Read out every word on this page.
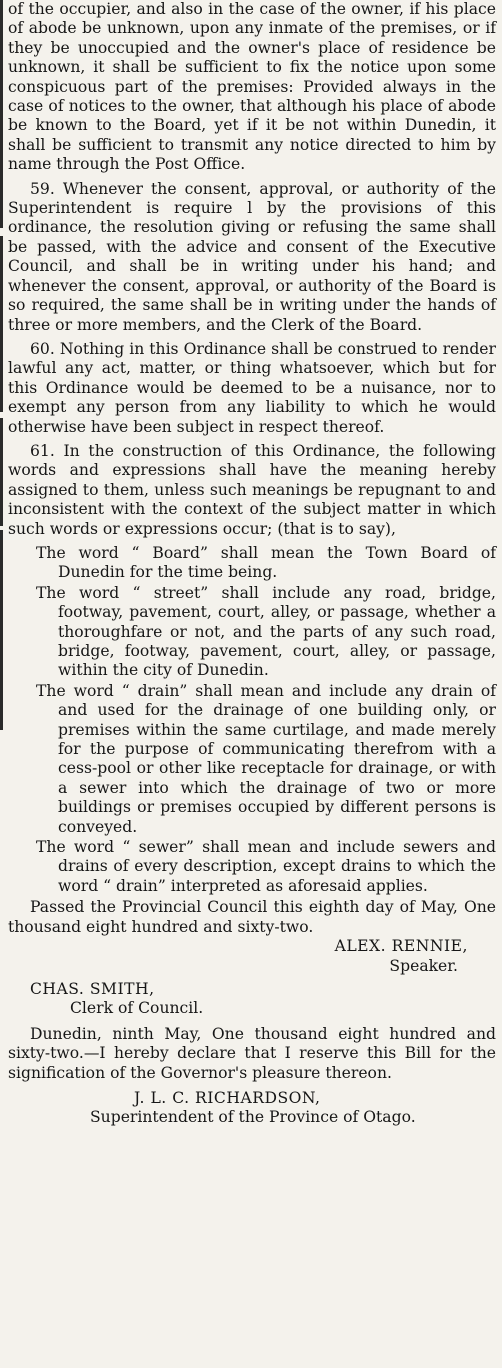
of the occupier, and also in the case of the owner, if his place of abode be unknown, upon any inmate of the premises, or if they be unoccupied and the owner's place of residence be unknown, it shall be sufficient to fix the notice upon some conspicuous part of the premises: Provided always in the case of notices to the owner, that although his place of abode be known to the Board, yet if it be not within Dunedin, it shall be sufficient to transmit any notice directed to him by name through the Post Office.

59. Whenever the consent, approval, or authority of the Superintendent is require l by the provisions of this ordinance, the resolution giving or refusing the same shall be passed, with the advice and consent of the Executive Council, and shall be in writing under his hand; and whenever the consent, approval, or authority of the Board is so required, the same shall be in writing under the hands of three or more members, and the Clerk of the Board.

60. Nothing in this Ordinance shall be construed to render lawful any act, matter, or thing whatsoever, which but for this Ordinance would be deemed to be a nuisance, nor to exempt any person from any liability to which he would otherwise have been subject in respect thereof.

61. In the construction of this Ordinance, the following words and expressions shall have the meaning hereby assigned to them, unless such meanings be repugnant to and inconsistent with the context of the subject matter in which such words or expressions occur; (that is to say),

The word “ Board” shall mean the Town Board of Dunedin for the time being.

The word “ street” shall include any road, bridge, footway, pavement, court, alley, or passage, whether a thoroughfare or not, and the parts of any such road, bridge, footway, pavement, court, alley, or passage, within the city of Dunedin.

The word “ drain” shall mean and include any drain of and used for the drainage of one building only, or premises within the same curtilage, and made merely for the purpose of communicating therefrom with a cess-pool or other like receptacle for drainage, or with a sewer into which the drainage of two or more buildings or premises occupied by different persons is conveyed.

The word “ sewer” shall mean and include sewers and drains of every description, except drains to which the word “ drain” interpreted as aforesaid applies.

Passed the Provincial Council this eighth day of May, One thousand eight hundred and sixty-two.

ALEX. RENNIE,

Speaker.

CHAS. SMITH,

Clerk of Council.

Dunedin, ninth May, One thousand eight hundred and sixty-two.—I hereby declare that I reserve this Bill for the signification of the Governor's pleasure thereon.

J. L. C. RICHARDSON,

Superintendent of the Province of Otago.
